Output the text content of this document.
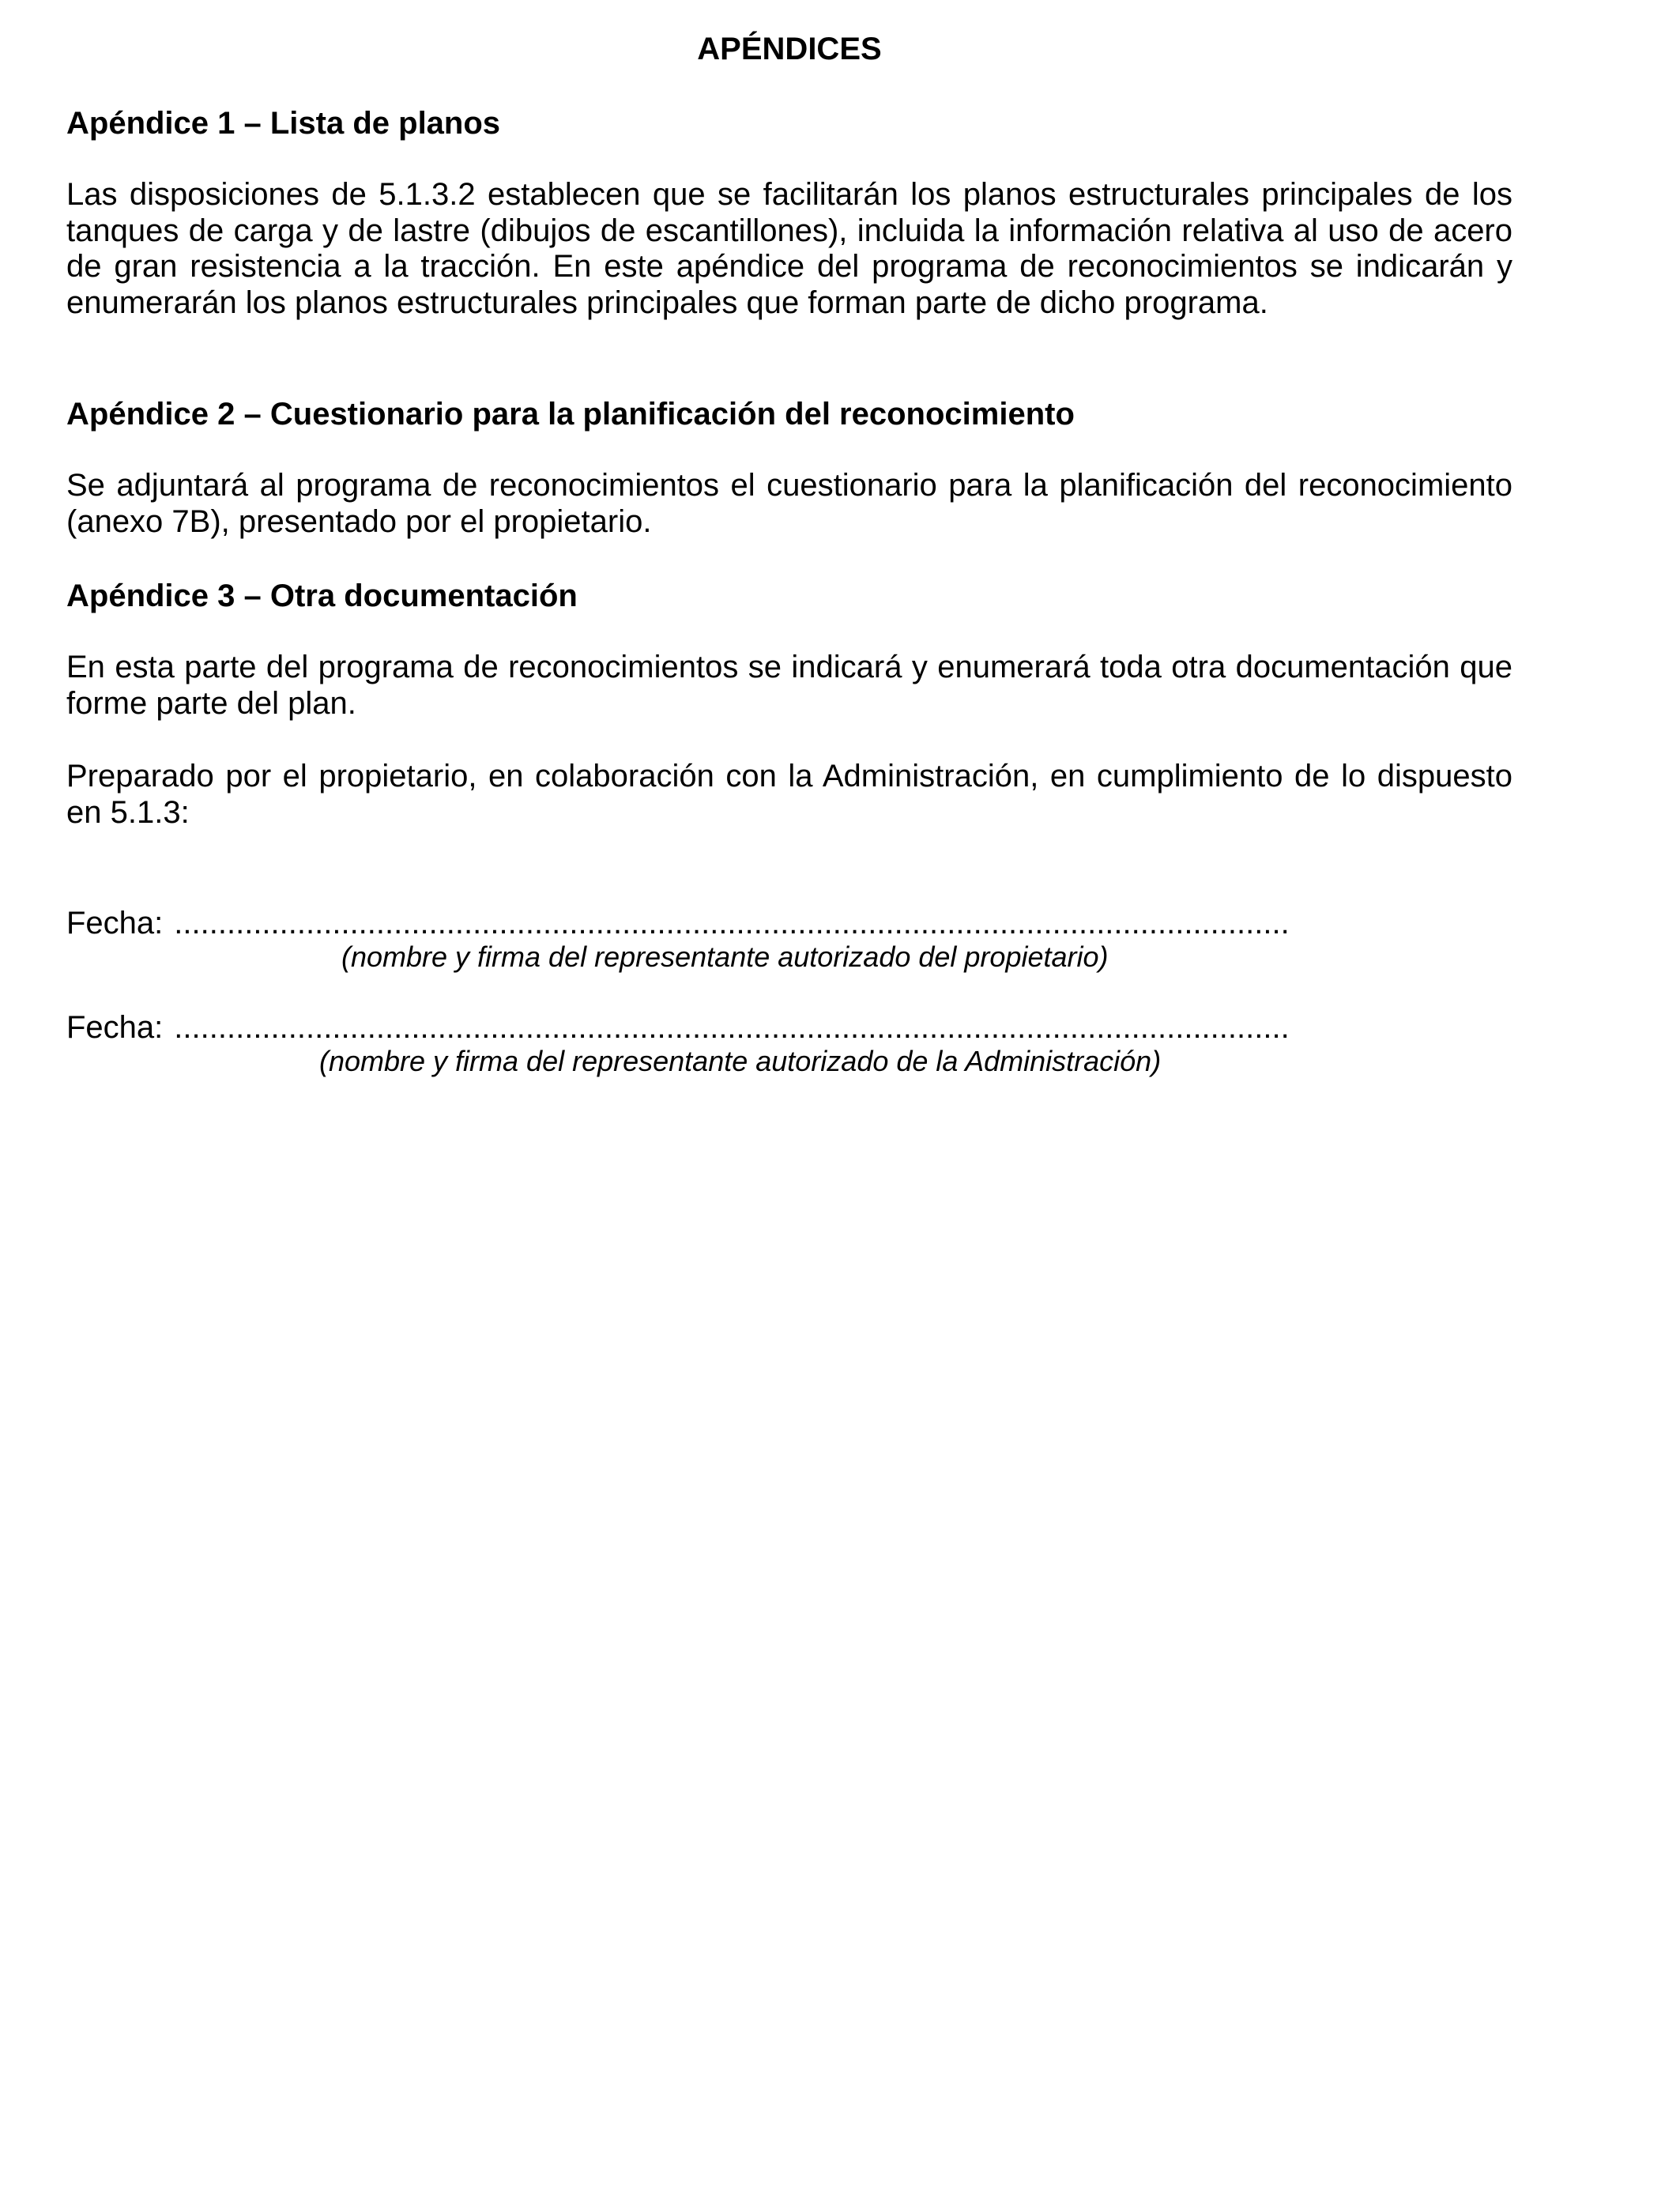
APÉNDICES
Apéndice 1 – Lista de planos
Las disposiciones de 5.1.3.2 establecen que se facilitarán los planos estructurales principales de los tanques de carga y de lastre (dibujos de escantillones), incluida la información relativa al uso de acero de gran resistencia a la tracción. En este apéndice del programa de reconocimientos se indicarán y enumerarán los planos estructurales principales que forman parte de dicho programa.
Apéndice 2 – Cuestionario para la planificación del reconocimiento
Se adjuntará al programa de reconocimientos el cuestionario para la planificación del reconocimiento (anexo 7B), presentado por el propietario.
Apéndice 3 – Otra documentación
En esta parte del programa de reconocimientos se indicará y enumerará toda otra documentación que forme parte del plan.
Preparado por el propietario, en colaboración con la Administración, en cumplimiento de lo dispuesto en 5.1.3:
Fecha: ...............................................................................................................................
(nombre y firma del representante autorizado del propietario)
Fecha: ...............................................................................................................................
(nombre y firma del representante autorizado de la Administración)
